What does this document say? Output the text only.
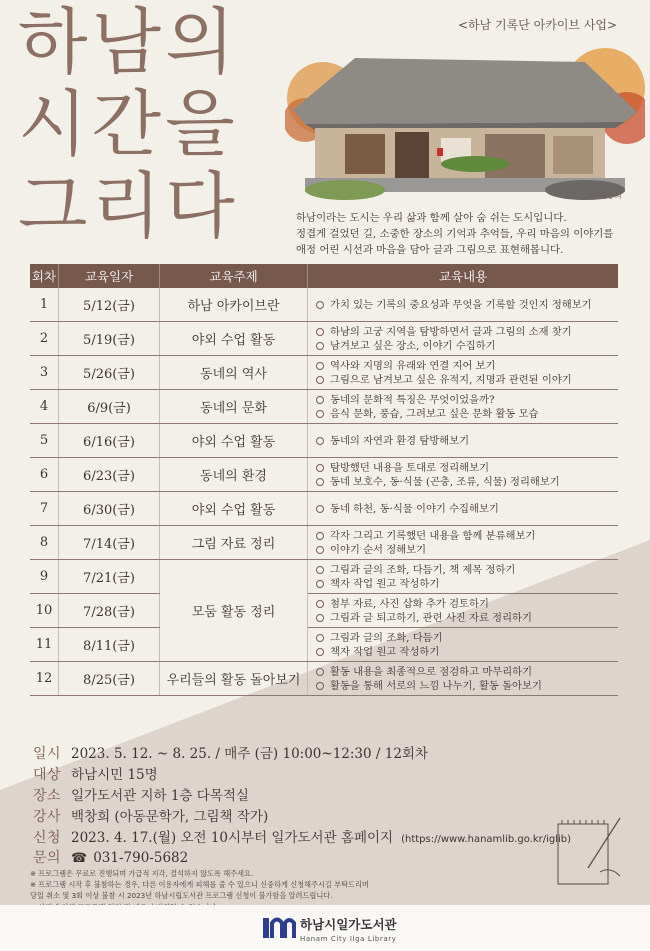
하남의
시간을
그리다
<하남 기록단 아카이브 사업>
ⓒ 백창희
하남이라는 도시는 우리 삶과 함께 살아 숨 쉬는 도시입니다.
정겹게 걸었던 길, 소중한 장소의 기억과 추억들, 우리 마음의 이야기를
애정 어린 시선과 마음을 담아 글과 그림으로 표현해봅니다.
회차	교육일자	교육주제	교육내용
1	5/12(금)	하남 아카이브란	가치 있는 기록의 중요성과 무엇을 기록할 것인지 정해보기

2	5/19(금)	야외 수업 활동	하남의 고궁 지역을 탐방하면서 글과 그림의 소재 찾기
남겨보고 싶은 장소, 이야기 수집하기

3	5/26(금)	동네의 역사	역사와 지명의 유래와 연결 지어 보기
그림으로 남겨보고 싶은 유적지, 지명과 관련된 이야기

4	6/9(금)	동네의 문화	동네의 문화적 특징은 무엇이었을까?
음식 문화, 풍습, 그려보고 싶은 문화 활동 모습

5	6/16(금)	야외 수업 활동	동네의 자연과 환경 탐방해보기

6	6/23(금)	동네의 환경	탐방했던 내용을 토대로 정리해보기
동네 보호수, 동·식물 (곤충, 조류, 식물) 정리해보기

7	6/30(금)	야외 수업 활동	동네 하천, 동·식물 이야기 수집해보기

8	7/14(금)	그림 자료 정리	각자 그리고 기록했던 내용을 함께 분류해보기
이야기 순서 정해보기

9	7/21(금)	모둠 활동 정리	그림과 글의 조화, 다듬기, 책 제목 정하기
책자 작업 원고 작성하기

10	7/28(금)		첨부 자료, 사진 삽화 추가 검토하기
그림과 글 퇴고하기, 관련 사진 자료 정리하기

11	8/11(금)		그림과 글의 조화, 다듬기
책자 작업 원고 작성하기

12	8/25(금)	우리들의 활동 돌아보기	활동 내용을 최종적으로 점검하고 마무리하기
활동을 통해 서로의 느낌 나누기, 활동 돌아보기
일시 2023. 5. 12. ~ 8. 25. / 매주 (금) 10:00~12:30 / 12회차
대상 하남시민 15명
장소 일가도서관 지하 1층 다목적실
강사 백창희 (아동문학가, 그림책 작가)
신청 2023. 4. 17.(월) 오전 10시부터 일가도서관 홈페이지 (https://www.hanamlib.go.kr/iglib)
문의 ☎ 031-790-5682
※ 프로그램은 무료로 진행되며 가급적 지각, 결석하지 않도록 해주세요.
※ 프로그램 시작 후 불참하는 경우, 다른 이용자에게 피해를 줄 수 있으니 신중하게 신청해주시길 부탁드리며
당일 취소 및 3회 이상 불참 시 2023년 하남시립도서관 프로그램 신청이 불가함을 알려드립니다.
하남시일가도서관
Hanam City Ilga Library
